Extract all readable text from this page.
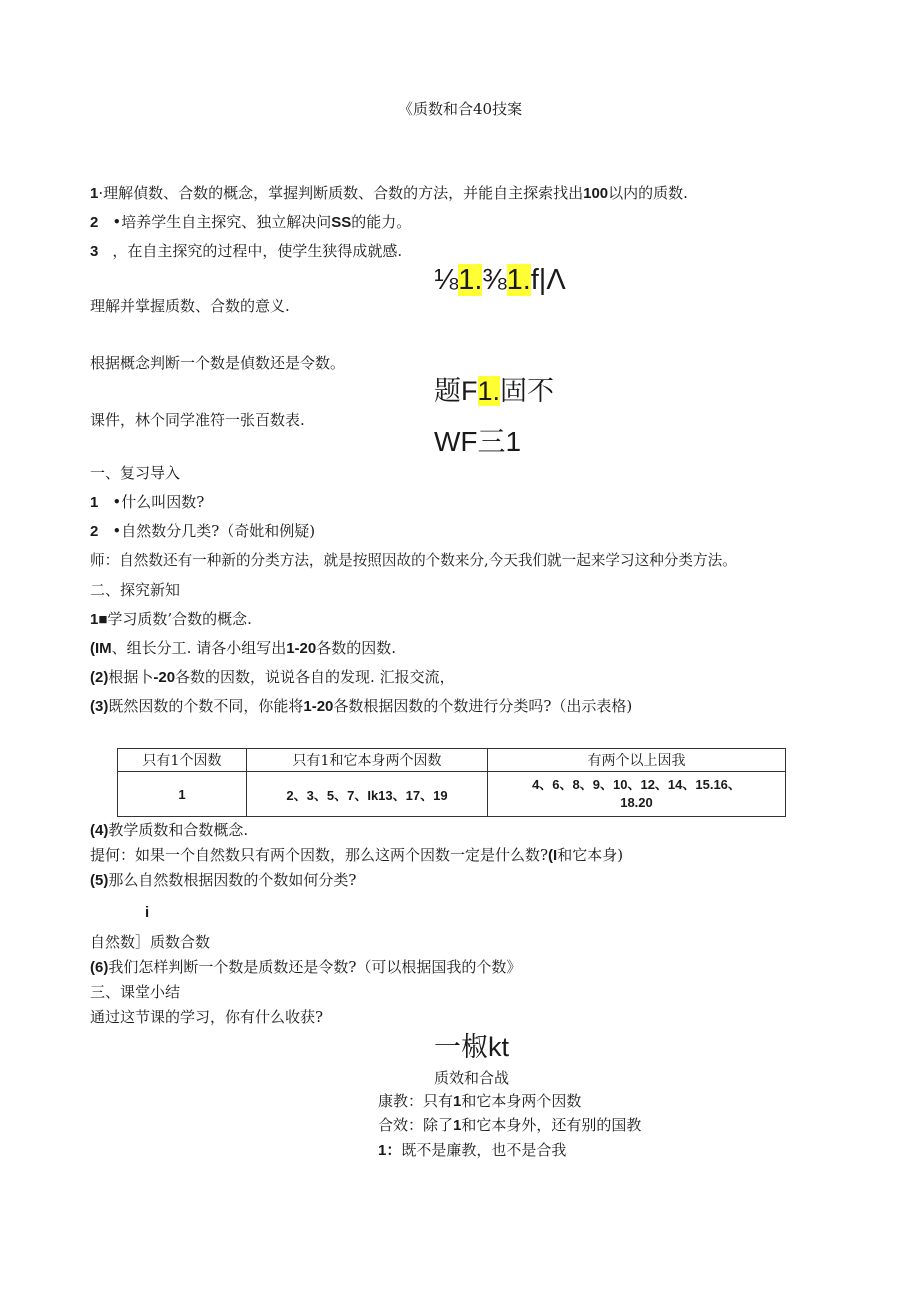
《质数和合40技案
1·理解偵数、合数的概念，掌握判断质数、合数的方法，并能自主探索找出100以内的质数.
2 •培养学生自主探究、独立解决问SS的能力。
3 ，在自主探究的过程中，使学生狭得成就感.
⅛1.⅜1.f|Λ
理解并掌握质数、合数的意义.
根据概念判断一个数是偵数还是令数。
题F1.固不
课件，林个同学准符一张百数表.
WF三1
一、复习导入
1 •什么叫因数?
2 •自然数分几类?（奇妣和例疑)
师：自然数还有一种新的分类方法，就是按照因故的个数来分,今天我们就一起来学习这种分类方法。
二、探究新知
1■学习质数’合数的概念.
(IM、组长分工. 请各小组写出1-20各数的因数.
(2)根据卜-20各数的因数，说说各自的发现. 汇报交流，
(3)既然因数的个数不同，你能将1-20各数根据因数的个数进行分类吗?（出示表格)
只有1个因数	只有1和它本身两个因数	有两个以上因我
1	2、3、5、7、Ik13、17、19	4、6、8、9、10、12、14、15.16、
18.20
(4)教学质数和合数概念.
提何：如果一个自然数只有两个因数，那么这两个因数一定是什么数?(I和它本身)
(5)那么自然数根据因数的个数如何分类?
i
自然数］质数合数
(6)我们怎样判断一个数是质数还是令数?（可以根据国我的个数》
三、课堂小结
通过这节课的学习，你有什么收获?
一椒kt
质效和合战
康教：只有1和它本身两个因数
合效：除了1和它本身外，还有别的国教
1：既不是廉教，也不是合我
